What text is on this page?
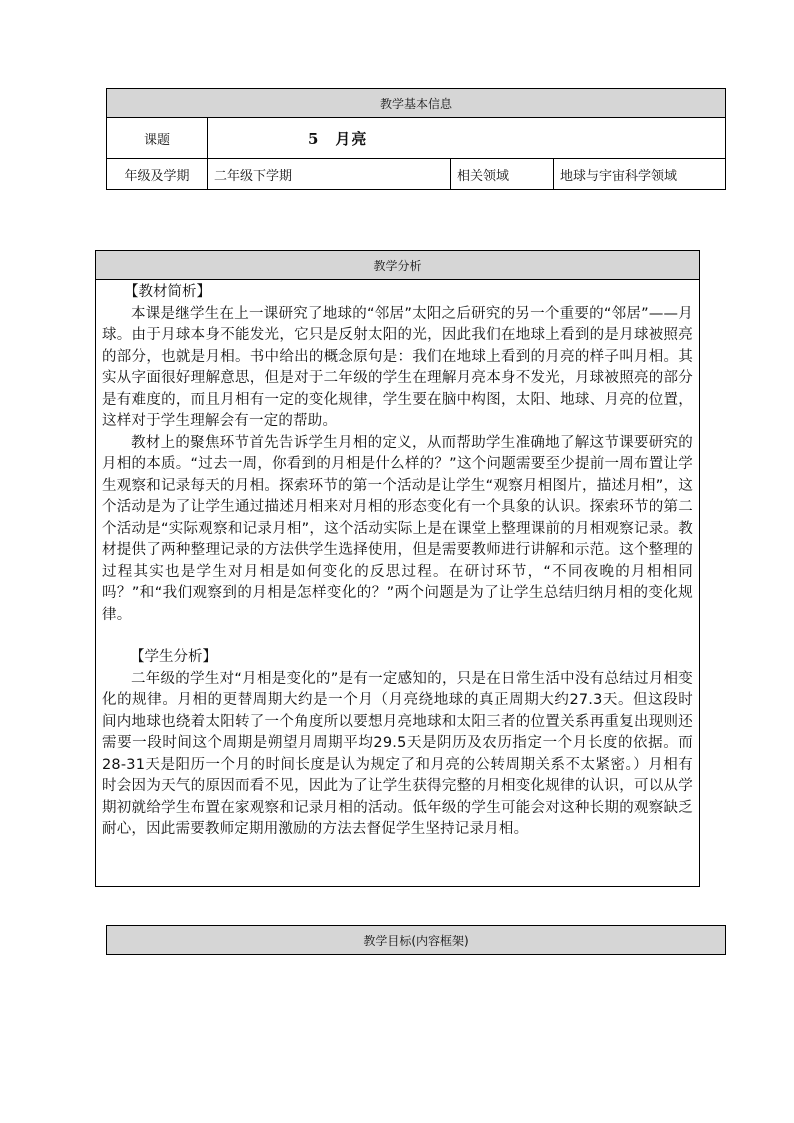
教学基本信息			
课题	5　月亮		
年级及学期	二年级下学期	相关领域	地球与宇宙科学领域
教学分析

【教材简析】

本课是继学生在上一课研究了地球的“邻居”太阳之后研究的另一个重要的“邻居”——月球。由于月球本身不能发光，它只是反射太阳的光，因此我们在地球上看到的是月球被照亮的部分，也就是月相。书中给出的概念原句是：我们在地球上看到的月亮的样子叫月相。其实从字面很好理解意思，但是对于二年级的学生在理解月亮本身不发光，月球被照亮的部分是有难度的，而且月相有一定的变化规律，学生要在脑中构图，太阳、地球、月亮的位置，这样对于学生理解会有一定的帮助。

教材上的聚焦环节首先告诉学生月相的定义，从而帮助学生准确地了解这节课要研究的月相的本质。“过去一周，你看到的月相是什么样的？”这个问题需要至少提前一周布置让学生观察和记录每天的月相。探索环节的第一个活动是让学生“观察月相图片，描述月相”，这个活动是为了让学生通过描述月相来对月相的形态变化有一个具象的认识。探索环节的第二个活动是“实际观察和记录月相”，这个活动实际上是在课堂上整理课前的月相观察记录。教材提供了两种整理记录的方法供学生选择使用，但是需要教师进行讲解和示范。这个整理的过程其实也是学生对月相是如何变化的反思过程。在研讨环节，“不同夜晚的月相相同吗？”和“我们观察到的月相是怎样变化的？”两个问题是为了让学生总结归纳月相的变化规律。

【学生分析】

二年级的学生对“月相是变化的”是有一定感知的，只是在日常生活中没有总结过月相变化的规律。月相的更替周期大约是一个月（月亮绕地球的真正周期大约27.3天。但这段时间内地球也绕着太阳转了一个角度所以要想月亮地球和太阳三者的位置关系再重复出现则还需要一段时间这个周期是朔望月周期平均29.5天是阴历及农历指定一个月长度的依据。而28-31天是阳历一个月的时间长度是认为规定了和月亮的公转周期关系不太紧密。）月相有时会因为天气的原因而看不见，因此为了让学生获得完整的月相变化规律的认识，可以从学期初就给学生布置在家观察和记录月相的活动。低年级的学生可能会对这种长期的观察缺乏耐心，因此需要教师定期用激励的方法去督促学生坚持记录月相。

教学目标(内容框架)
